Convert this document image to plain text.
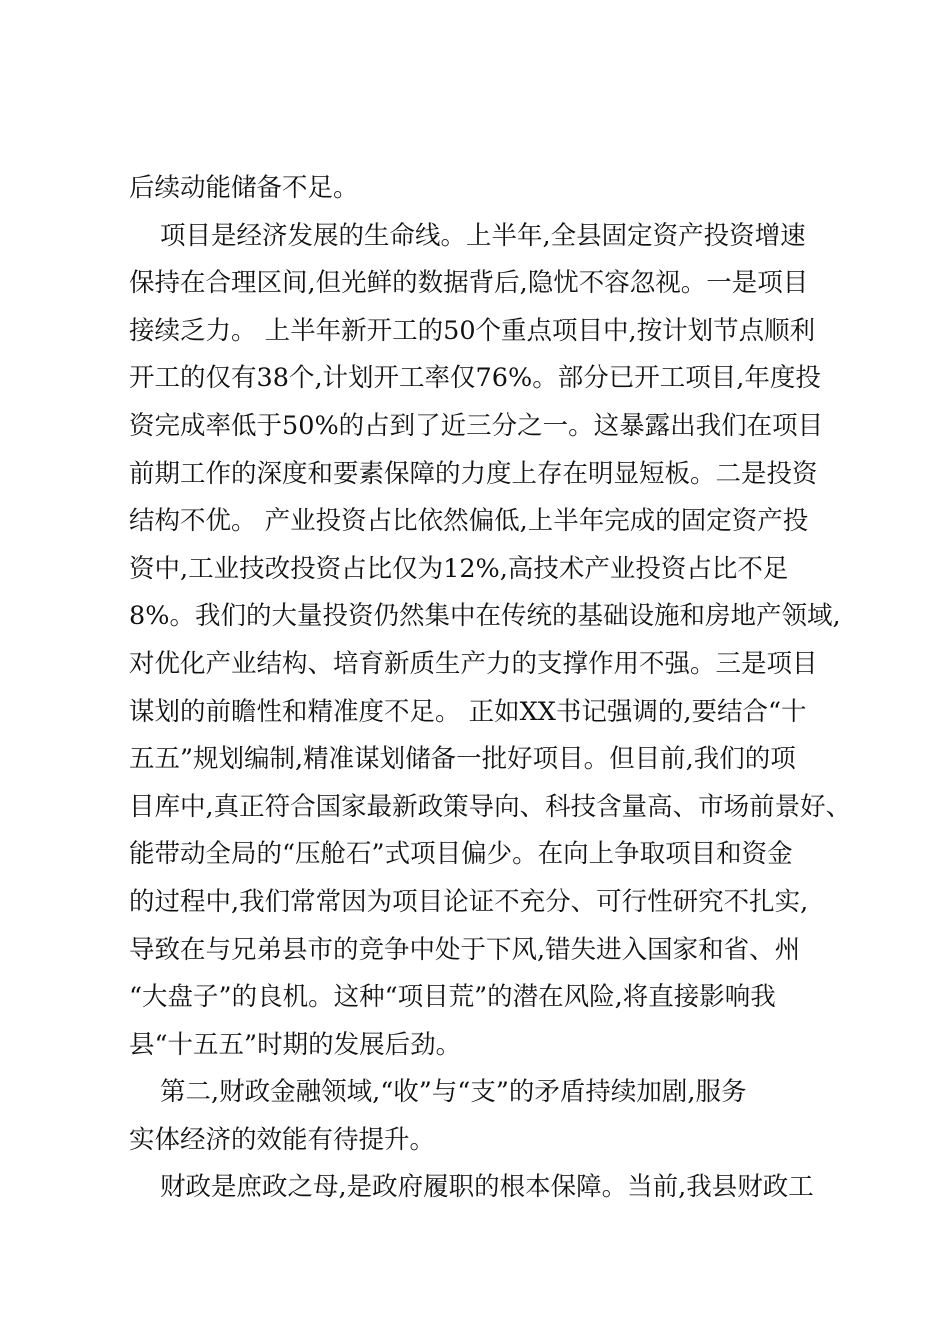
后续动能储备不足。

项目是经济发展的生命线。上半年,全县固定资产投资增速

保持在合理区间,但光鲜的数据背后,隐忧不容忽视。一是项目

接续乏力。 上半年新开工的50个重点项目中,按计划节点顺利

开工的仅有38个,计划开工率仅76%。部分已开工项目,年度投

资完成率低于50%的占到了近三分之一。这暴露出我们在项目

前期工作的深度和要素保障的力度上存在明显短板。二是投资

结构不优。 产业投资占比依然偏低,上半年完成的固定资产投

资中,工业技改投资占比仅为12%,高技术产业投资占比不足

8%。我们的大量投资仍然集中在传统的基础设施和房地产领域,

对优化产业结构、培育新质生产力的支撑作用不强。三是项目

谋划的前瞻性和精准度不足。 正如XX书记强调的,要结合“十

五五”规划编制,精准谋划储备一批好项目。但目前,我们的项

目库中,真正符合国家最新政策导向、科技含量高、市场前景好、

能带动全局的“压舱石”式项目偏少。在向上争取项目和资金

的过程中,我们常常因为项目论证不充分、可行性研究不扎实,

导致在与兄弟县市的竞争中处于下风,错失进入国家和省、州

“大盘子”的良机。这种“项目荒”的潜在风险,将直接影响我

县“十五五”时期的发展后劲。

第二,财政金融领域,“收”与“支”的矛盾持续加剧,服务

实体经济的效能有待提升。

财政是庶政之母,是政府履职的根本保障。当前,我县财政工
